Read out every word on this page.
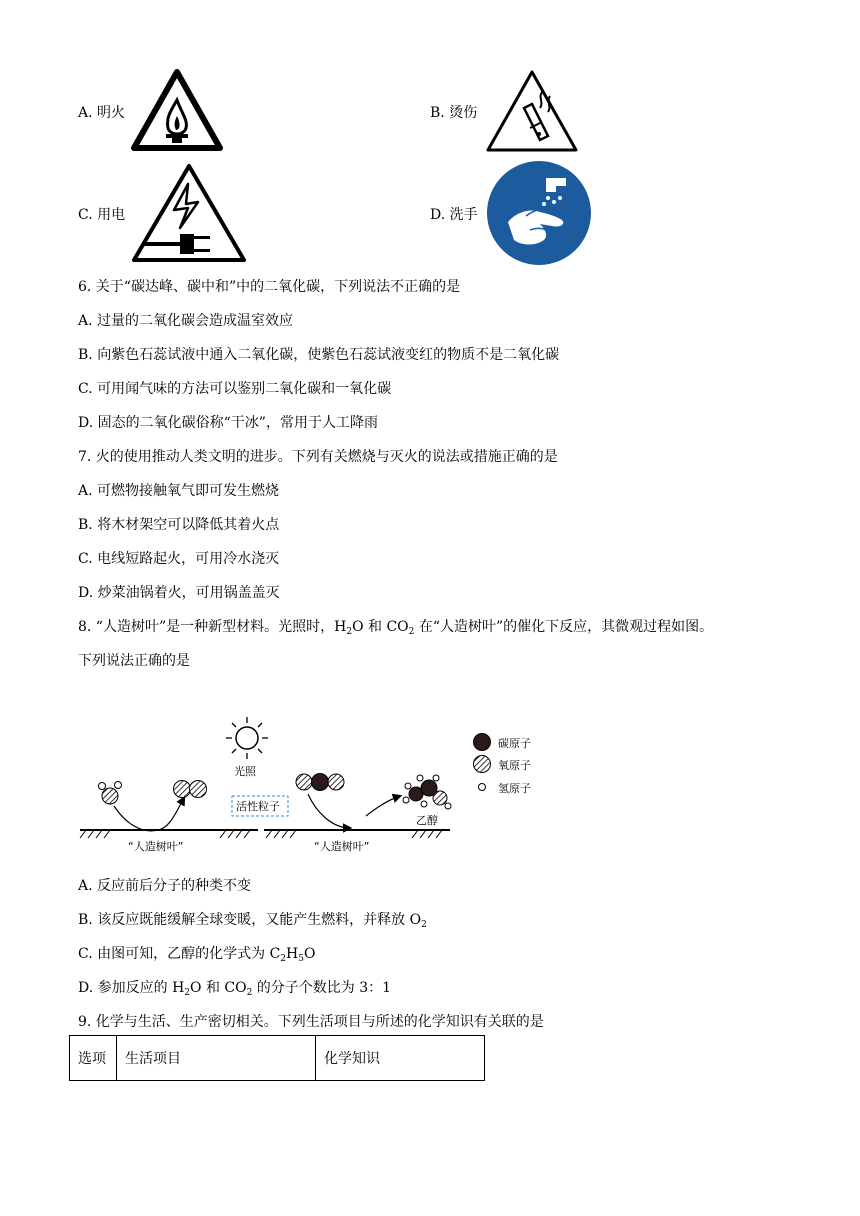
A. 明火	B. 烫伤
C. 用电	D. 洗手
6. 关于“碳达峰、碳中和”中的二氧化碳，下列说法不正确的是
A. 过量的二氧化碳会造成温室效应
B. 向紫色石蕊试液中通入二氧化碳，使紫色石蕊试液变红的物质不是二氧化碳
C. 可用闻气味的方法可以鉴别二氧化碳和一氧化碳
D. 固态的二氧化碳俗称“干冰”，常用于人工降雨
7. 火的使用推动人类文明的进步。下列有关燃烧与灭火的说法或措施正确的是
A. 可燃物接触氧气即可发生燃烧
B. 将木材架空可以降低其着火点
C. 电线短路起火，可用冷水浇灭
D. 炒菜油锅着火，可用锅盖盖灭
8. “人造树叶”是一种新型材料。光照时，$H_2O$ 和 $CO_2$ 在“人造树叶”的催化下反应，其微观过程如图。
下列说法正确的是
光照
活性粒子
乙醇
“人造树叶”	“人造树叶”
碳原子
氧原子
氢原子
A. 反应前后分子的种类不变
B. 该反应既能缓解全球变暖，又能产生燃料，并释放 $O_2$
C. 由图可知，乙醇的化学式为 $C_2H_5O$
D. 参加反应的 $H_2O$ 和 $CO_2$ 的分子个数比为 3：1
9. 化学与生活、生产密切相关。下列生活项目与所述的化学知识有关联的是
选项	生活项目	化学知识
